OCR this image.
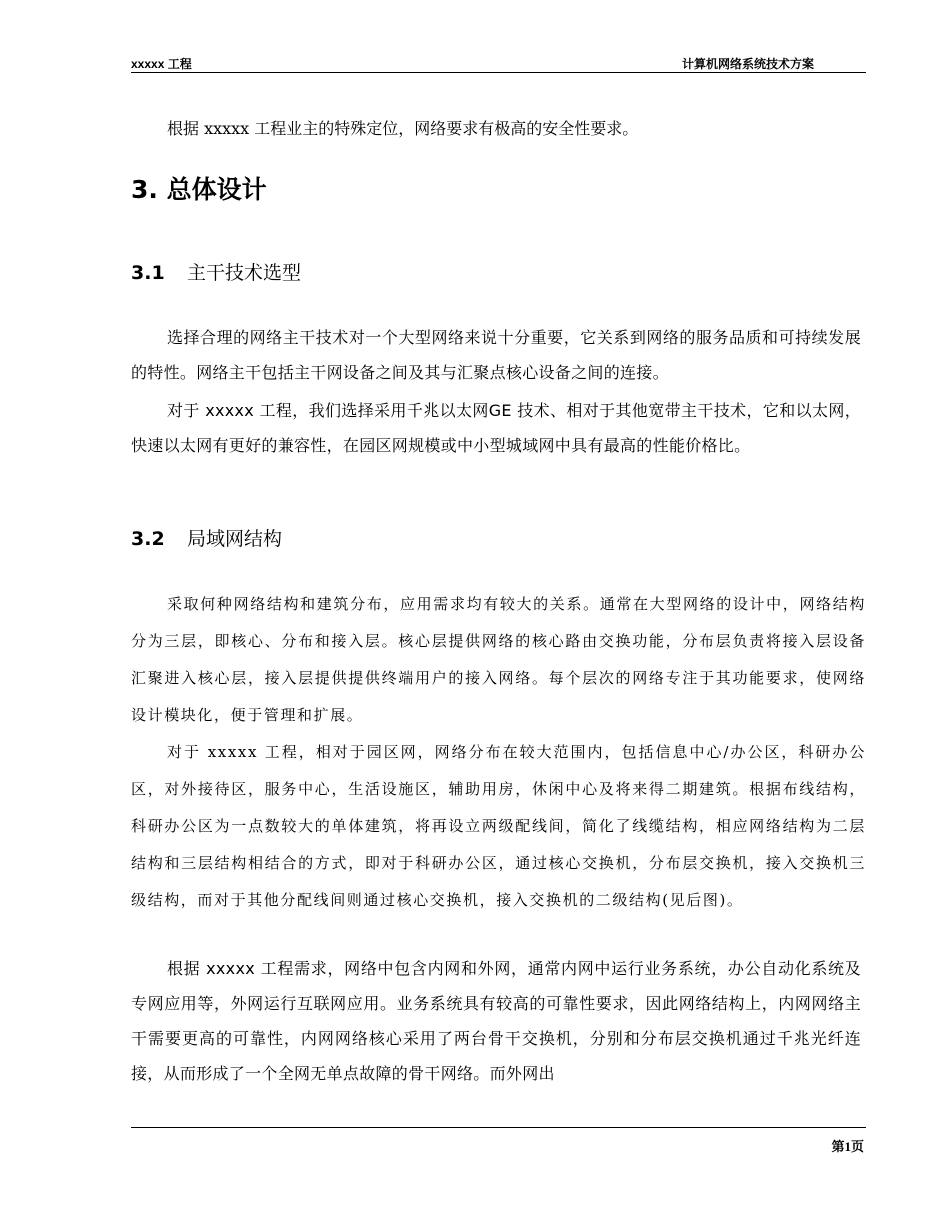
xxxxx 工程	计算机网络系统技术方案

根据 xxxxx 工程业主的特殊定位，网络要求有极高的安全性要求。

3. 总体设计
3.1 主干技术选型

选择合理的网络主干技术对一个大型网络来说十分重要，它关系到网络的服务品质和可持续发展的特性。网络主干包括主干网设备之间及其与汇聚点核心设备之间的连接。

对于 xxxxx 工程，我们选择采用千兆以太网GE 技术、相对于其他宽带主干技术，它和以太网，快速以太网有更好的兼容性，在园区网规模或中小型城域网中具有最高的性能价格比。

3.2 局域网结构

采取何种网络结构和建筑分布，应用需求均有较大的关系。通常在大型网络的设计中，网络结构分为三层，即核心、分布和接入层。核心层提供网络的核心路由交换功能，分布层负责将接入层设备汇聚进入核心层，接入层提供提供终端用户的接入网络。每个层次的网络专注于其功能要求，使网络设计模块化，便于管理和扩展。

对于 xxxxx 工程，相对于园区网，网络分布在较大范围内，包括信息中心/办公区，科研办公区，对外接待区，服务中心，生活设施区，辅助用房，休闲中心及将来得二期建筑。根据布线结构，科研办公区为一点数较大的单体建筑，将再设立两级配线间，简化了线缆结构，相应网络结构为二层结构和三层结构相结合的方式，即对于科研办公区，通过核心交换机，分布层交换机，接入交换机三级结构，而对于其他分配线间则通过核心交换机，接入交换机的二级结构(见后图)。

根据 xxxxx 工程需求，网络中包含内网和外网，通常内网中运行业务系统，办公自动化系统及专网应用等，外网运行互联网应用。业务系统具有较高的可靠性要求，因此网络结构上，内网网络主干需要更高的可靠性，内网网络核心采用了两台骨干交换机，分别和分布层交换机通过千兆光纤连接，从而形成了一个全网无单点故障的骨干网络。而外网出

第1页
